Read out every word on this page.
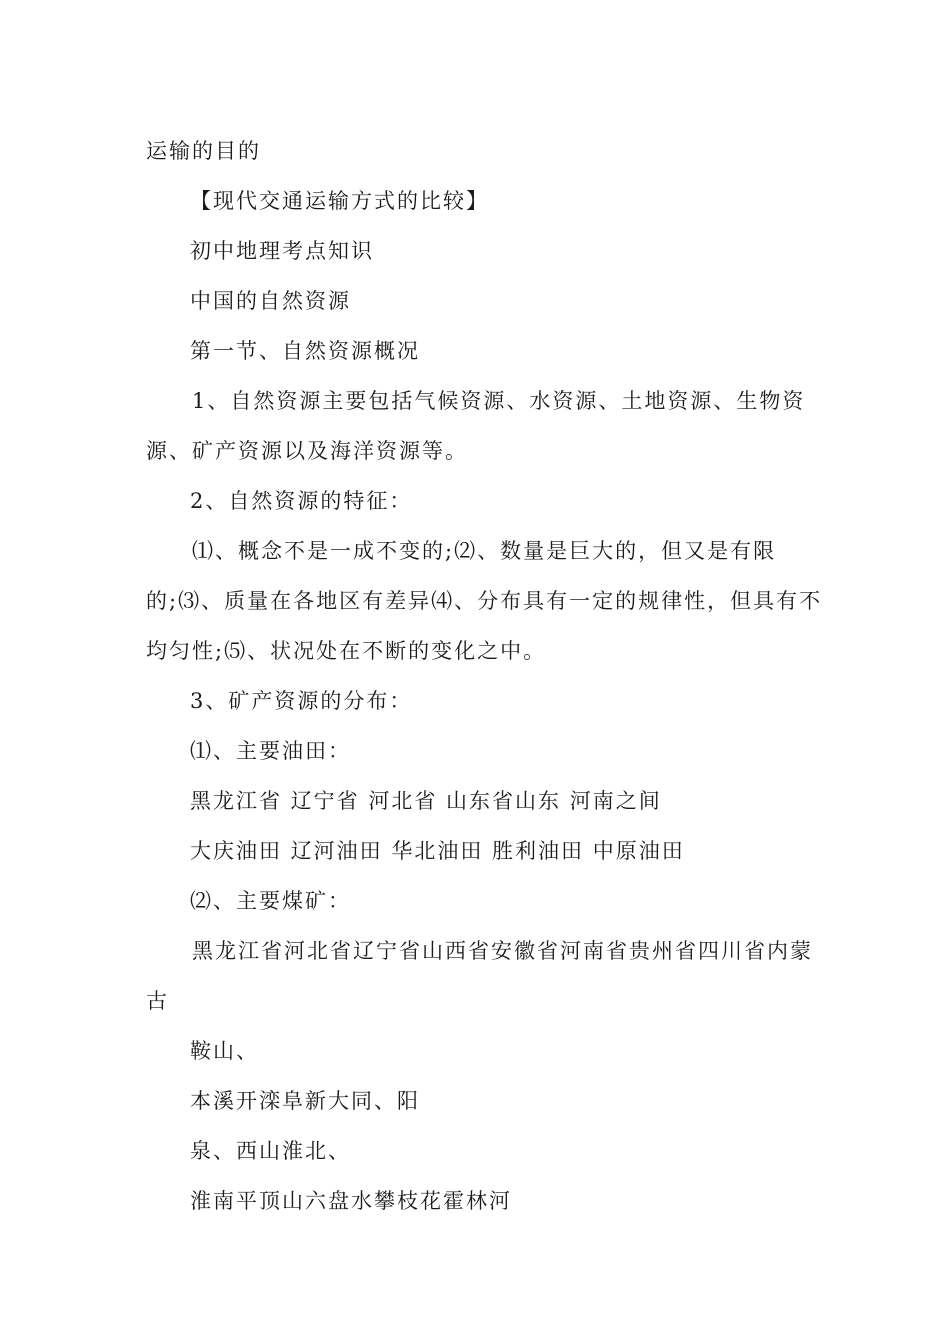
运输的目的
【现代交通运输方式的比较】
初中地理考点知识
中国的自然资源
第一节、自然资源概况
1、自然资源主要包括气候资源、水资源、土地资源、生物资
源、矿产资源以及海洋资源等。
2、自然资源的特征：
⑴、概念不是一成不变的;⑵、数量是巨大的，但又是有限
的;⑶、质量在各地区有差异⑷、分布具有一定的规律性，但具有不
均匀性;⑸、状况处在不断的变化之中。
3、矿产资源的分布：
⑴、主要油田：
黑龙江省 辽宁省 河北省 山东省山东 河南之间
大庆油田 辽河油田 华北油田 胜利油田 中原油田
⑵、主要煤矿：
黑龙江省河北省辽宁省山西省安徽省河南省贵州省四川省内蒙
古
鞍山、
本溪开滦阜新大同、阳
泉、西山淮北、
淮南平顶山六盘水攀枝花霍林河
